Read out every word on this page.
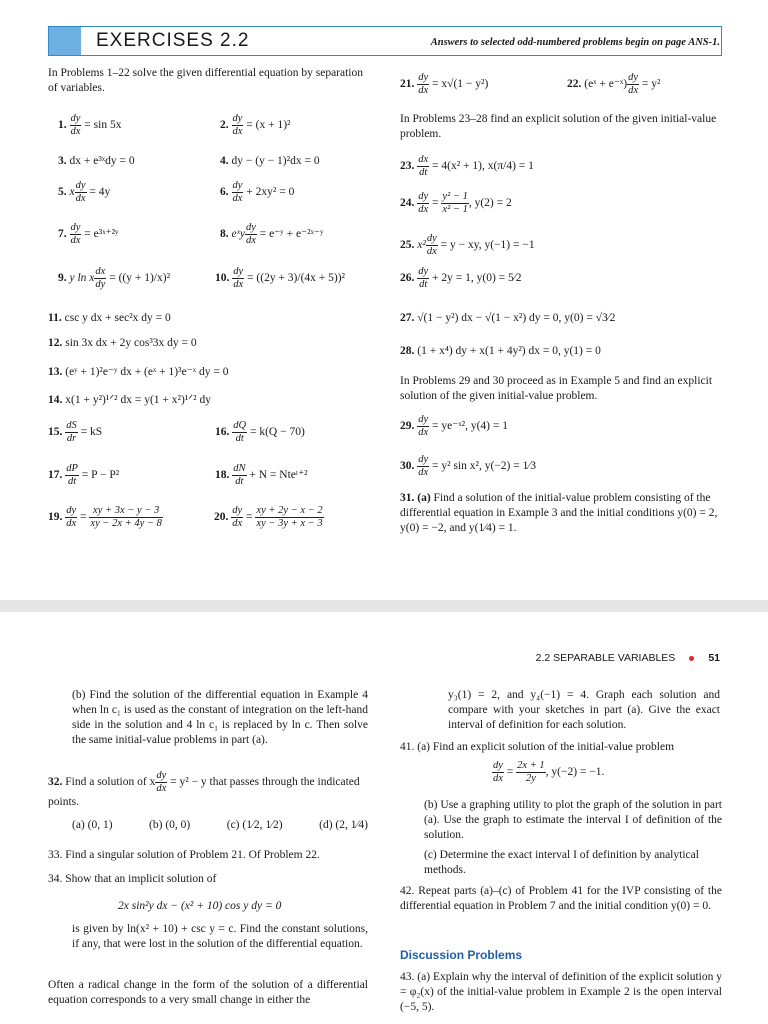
EXERCISES 2.2	Answers to selected odd-numbered problems begin on page ANS-1.
In Problems 1–22 solve the given differential equation by separation of variables.
1. $\frac{dy}{dx} = \sin 5x$	2. $\frac{dy}{dx} = (x + 1)^2$
3. dx + e³ˣdy = 0	4. dy − (y − 1)²dx = 0
5. x $\frac{dy}{dx} = 4y$	6. $\frac{dy}{dx} + 2xy^2 = 0$
7. $\frac{dy}{dx}$ = e³ˣ⁺²ʸ	8. eˣy $\frac{dy}{dx}$ = e⁻ʸ + e⁻²ˣ⁻ʸ
9. y ln x $\frac{dx}{dy} = ((y + 1)/x)^2$	10. $\frac{dy}{dx} = ((2y + 3)/(4x + 5))^2$
11. csc y dx + sec²x dy = 0
12. sin 3x dx + 2y cos³3x dy = 0
13. (eʸ + 1)²e⁻ʸ dx + (eˣ + 1)³e⁻ˣ dy = 0
14. x(1 + y²)¹ᐟ² dx = y(1 + x²)¹ᐟ² dy
15. $\frac{dS}{dr}$ = kS	16. $\frac{dQ}{dt} = k(Q - 70)$
17. $\frac{dP}{dt} = P - P^2$	18. $\frac{dN}{dt} + N$ = Nteᵗ⁺²
19. $\frac{dy}{dx} = \frac{xy + 3x - y - 3}{xy - 2x + 4y - 8}$	20. $\frac{dy}{dx} = \frac{xy + 2y - x - 2}{xy - 3y + x - 3}$
21. $\frac{dy}{dx} = x√(1 - y^2)$	22. (eˣ + e⁻ˣ) $\frac{dy}{dx} = y^2$
In Problems 23–28 find an explicit solution of the given initial-value problem.
23. $\frac{dx}{dt} = 4(x^2 + 1)$, x(π/4) = 1
24. $\frac{dy}{dx} = \frac{\text{y² − 1}}{\text{x² − 1}}$ , y(2) = 2
25. $x^2 \frac{dy}{dx} = y$ − xy, y(−1) = −1
26. $\frac{dy}{dt} + 2y = 1$, y(0) = 5⁄2
27. √(1 − y²) dx − √(1 − x²) dy = 0, y(0) = √3⁄2
28. (1 + x⁴) dy + x(1 + 4y²) dx = 0, y(1) = 0
In Problems 29 and 30 proceed as in Example 5 and find an explicit solution of the given initial-value problem.
29. $\frac{dy}{dx}$ = ye⁻ˣ², y(4) = 1
30. $\frac{dy}{dx} = y^2$ sin x², y(−2) = 1⁄3
31. (a) Find a solution of the initial-value problem consisting of the differential equation in Example 3 and the initial conditions y(0) = 2, y(0) = −2, and y(1⁄4) = 1.
2.2 SEPARABLE VARIABLES	51
(b) Find the solution of the differential equation in Example 4 when ln c₁ is used as the constant of integration on the left-hand side in the solution and 4 ln c₁ is replaced by ln c. Then solve the same initial-value problems in part (a).
32. Find a solution of x $\frac{dy}{dx} = y^2 - y$ that passes through the indicated points.
(a) (0, 1)	(b) (0, 0)	(c) (1⁄2, 1⁄2)	(d) (2, 1⁄4)
33. Find a singular solution of Problem 21. Of Problem 22.
34. Show that an implicit solution of
2x sin²y dx − (x² + 10) cos y dy = 0
is given by ln(x² + 10) + csc y = c. Find the constant solutions, if any, that were lost in the solution of the differential equation.
Often a radical change in the form of the solution of a differential equation corresponds to a very small change in either the
y₃(1) = 2, and y₄(−1) = 4. Graph each solution and compare with your sketches in part (a). Give the exact interval of definition for each solution.
41. (a) Find an explicit solution of the initial-value problem
$\frac{dy}{dx} = \frac{2x + 1}{2y}$ , y(−2) = −1.
(b) Use a graphing utility to plot the graph of the solution in part (a). Use the graph to estimate the interval I of definition of the solution.
(c) Determine the exact interval I of definition by analytical methods.
42. Repeat parts (a)–(c) of Problem 41 for the IVP consisting of the differential equation in Problem 7 and the initial condition y(0) = 0.
Discussion Problems
43. (a) Explain why the interval of definition of the explicit solution y = φ₂(x) of the initial-value problem in Example 2 is the open interval (−5, 5).
